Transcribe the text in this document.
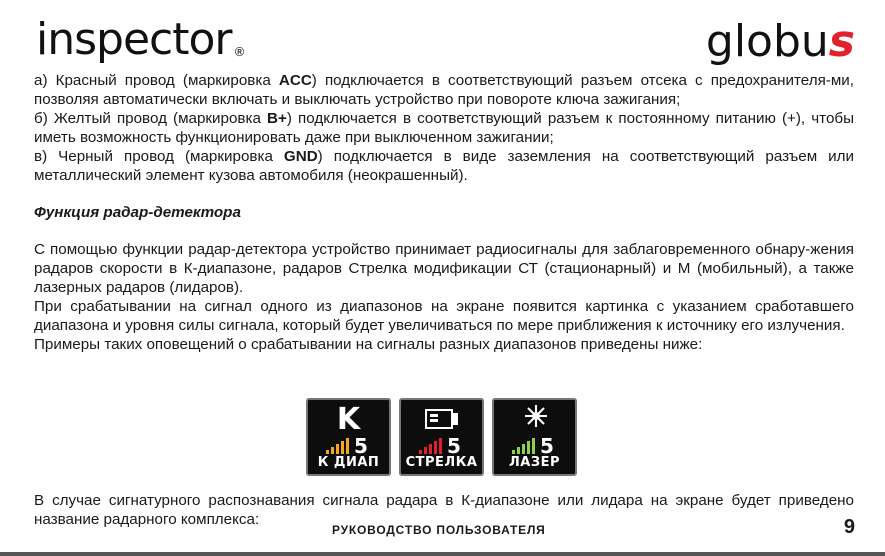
inspector ®	globus

а) Красный провод (маркировка ACC) подключается в соответствующий разъем отсека с предохранителя-ми, позволяя автоматически включать и выключать устройство при повороте ключа зажигания;

б) Желтый провод (маркировка B+) подключается в соответствующий разъем к постоянному питанию (+), чтобы иметь возможность функционировать даже при выключенном зажигании;

в) Черный провод (маркировка GND) подключается в виде заземления на соответствующий разъем или металлический элемент кузова автомобиля (неокрашенный).

Функция радар-детектора

С помощью функции радар-детектора устройство принимает радиосигналы для заблаговременного обнару-жения радаров скорости в К-диапазоне, радаров Стрелка модификации СТ (стационарный) и М (мобильный), а также лазерных радаров (лидаров).

При срабатывании на сигнал одного из диапазонов на экране появится картинка с указанием сработавшего диапазона и уровня силы сигнала, который будет увеличиваться по мере приближения к источнику его излучения.

Примеры таких оповещений о срабатывании на сигналы разных диапазонов приведены ниже:

K
5
К ДИАП
5
СТРЕЛКА
5
ЛАЗЕР

В случае сигнатурного распознавания сигнала радара в К-диапазоне или лидара на экране будет приведено название радарного комплекса:

РУКОВОДСТВО ПОЛЬЗОВАТЕЛЯ	9
